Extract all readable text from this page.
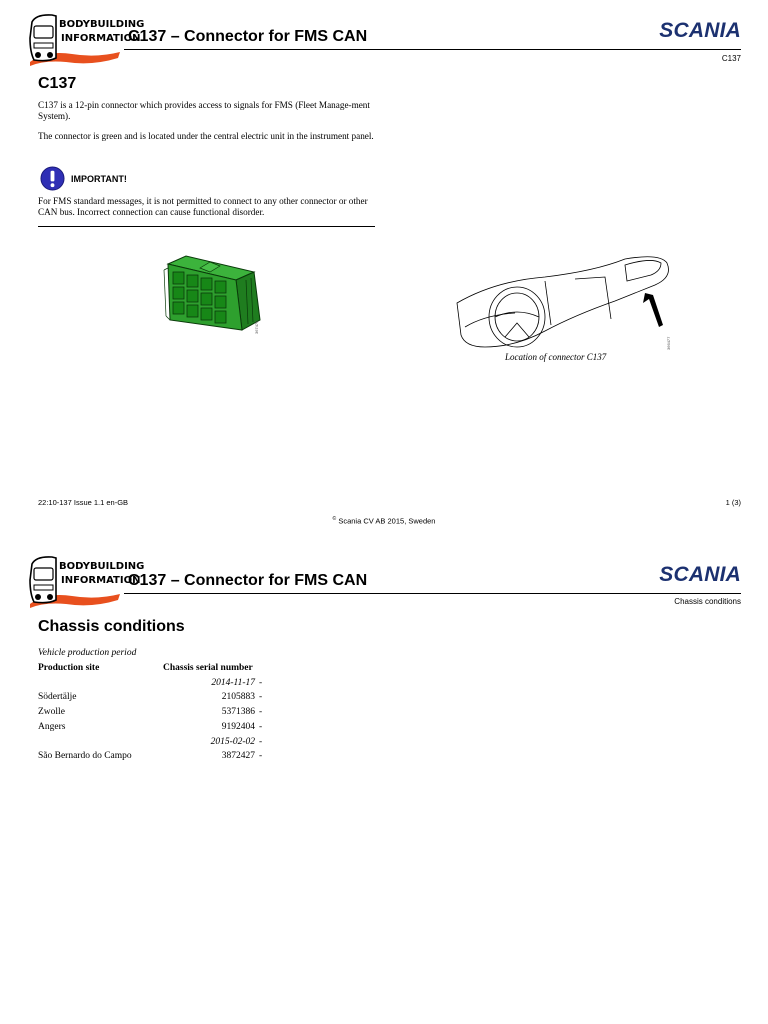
BODYBUILDING
INFORMATION
C137 – Connector for FMS CAN	SCANIA
C137
C137
C137 is a 12-pin connector which provides access to signals for FMS (Fleet Manage-ment System).
The connector is green and is located under the central electric unit in the instrument panel.
IMPORTANT!
For FMS standard messages, it is not permitted to connect to any other connector or other CAN bus. Incorrect connection can cause functional disorder.
367470
366477
Location of connector C137
22:10-137 Issue 1.1 en-GB	1 (3)
© Scania CV AB 2015, Sweden
BODYBUILDING
INFORMATION
C137 – Connector for FMS CAN	SCANIA
Chassis conditions
Chassis conditions
Vehicle production period
Production site	Chassis serial number	
	2014-11-17	-
Södertälje	2105883	-
Zwolle	5371386	-
Angers	9192404	-
	2015-02-02	-
São Bernardo do Campo	3872427	-
